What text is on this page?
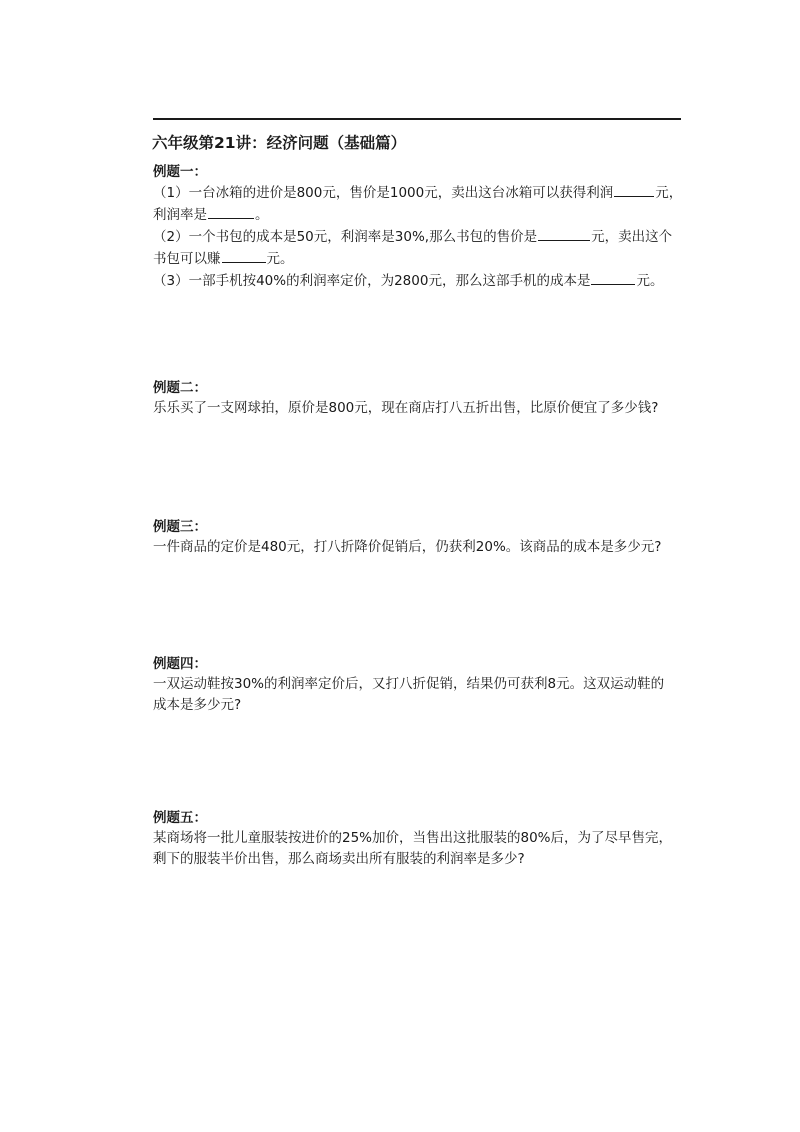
六年级第21讲：经济问题（基础篇）
例题一：
（1）一台冰箱的进价是800元，售价是1000元，卖出这台冰箱可以获得利润	元，
利润率是	。
（2）一个书包的成本是50元，利润率是30%,那么书包的售价是	元，卖出这个
书包可以赚	元。
（3）一部手机按40%的利润率定价，为2800元，那么这部手机的成本是	元。
例题二：
乐乐买了一支网球拍，原价是800元，现在商店打八五折出售，比原价便宜了多少钱?
例题三：
一件商品的定价是480元，打八折降价促销后，仍获利20%。该商品的成本是多少元?
例题四：
一双运动鞋按30%的利润率定价后，又打八折促销，结果仍可获利8元。这双运动鞋的
成本是多少元?
例题五：
某商场将一批儿童服装按进价的25%加价，当售出这批服装的80%后，为了尽早售完，
剩下的服装半价出售，那么商场卖出所有服装的利润率是多少?
